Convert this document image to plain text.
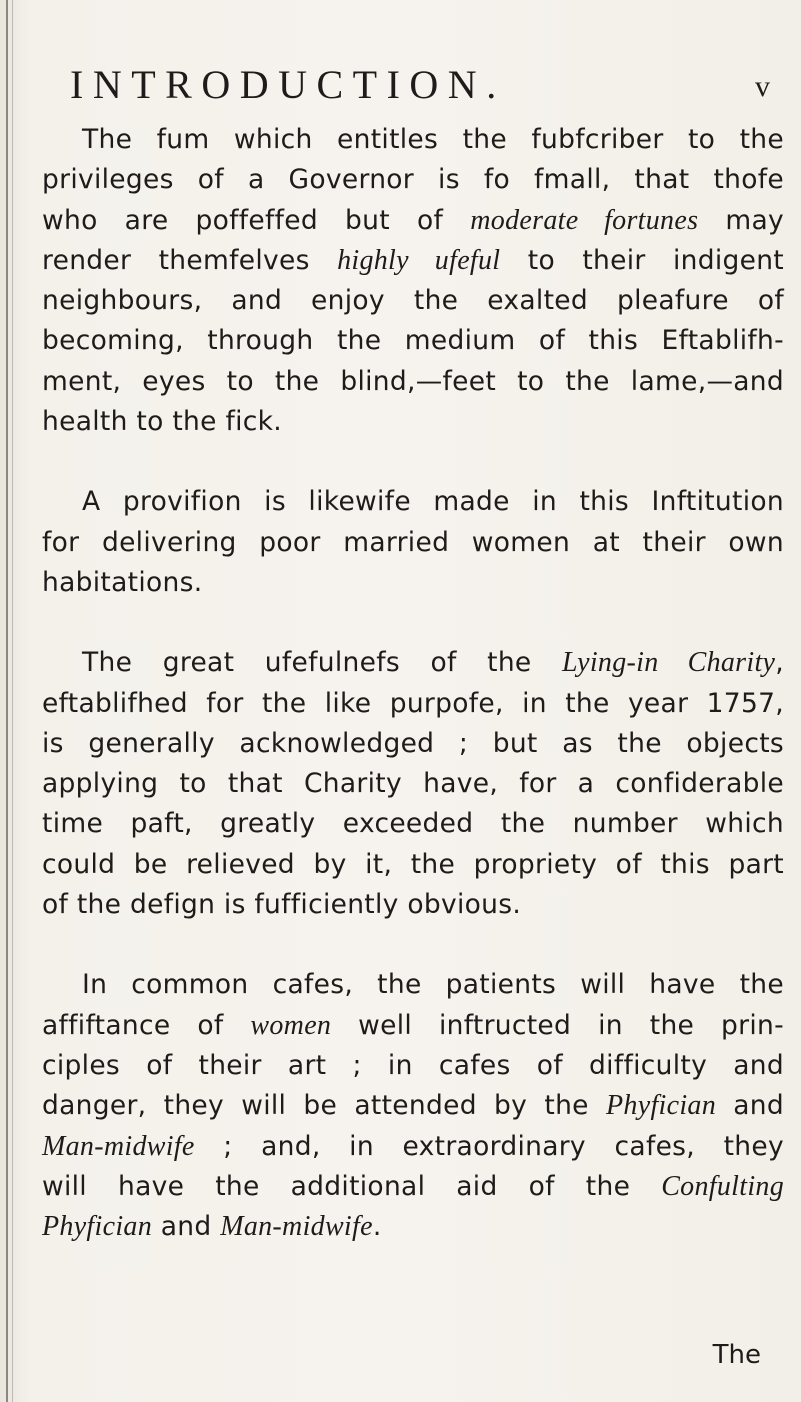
INTRODUCTION.	v
The fum which entitles the fubfcriber to the
privileges of a Governor is fo fmall, that thofe
who are poffeffed but of moderate fortunes may
render themfelves highly ufeful to their indigent
neighbours, and enjoy the exalted pleafure of
becoming, through the medium of this Eftablifh-
ment, eyes to the blind,—feet to the lame,—and
health to the fick.
A provifion is likewife made in this Inftitution
for delivering poor married women at their own
habitations.
The great ufefulnefs of the Lying-in Charity,
eftablifhed for the like purpofe, in the year 1757,
is generally acknowledged ; but as the objects
applying to that Charity have, for a confiderable
time paft, greatly exceeded the number which
could be relieved by it, the propriety of this part
of the defign is fufficiently obvious.
In common cafes, the patients will have the
affiftance of women well inftructed in the prin-
ciples of their art ; in cafes of difficulty and
danger, they will be attended by the Phyfician and
Man-midwife ; and, in extraordinary cafes, they
will have the additional aid of the Confulting
Phyfician and Man-midwife.
The
